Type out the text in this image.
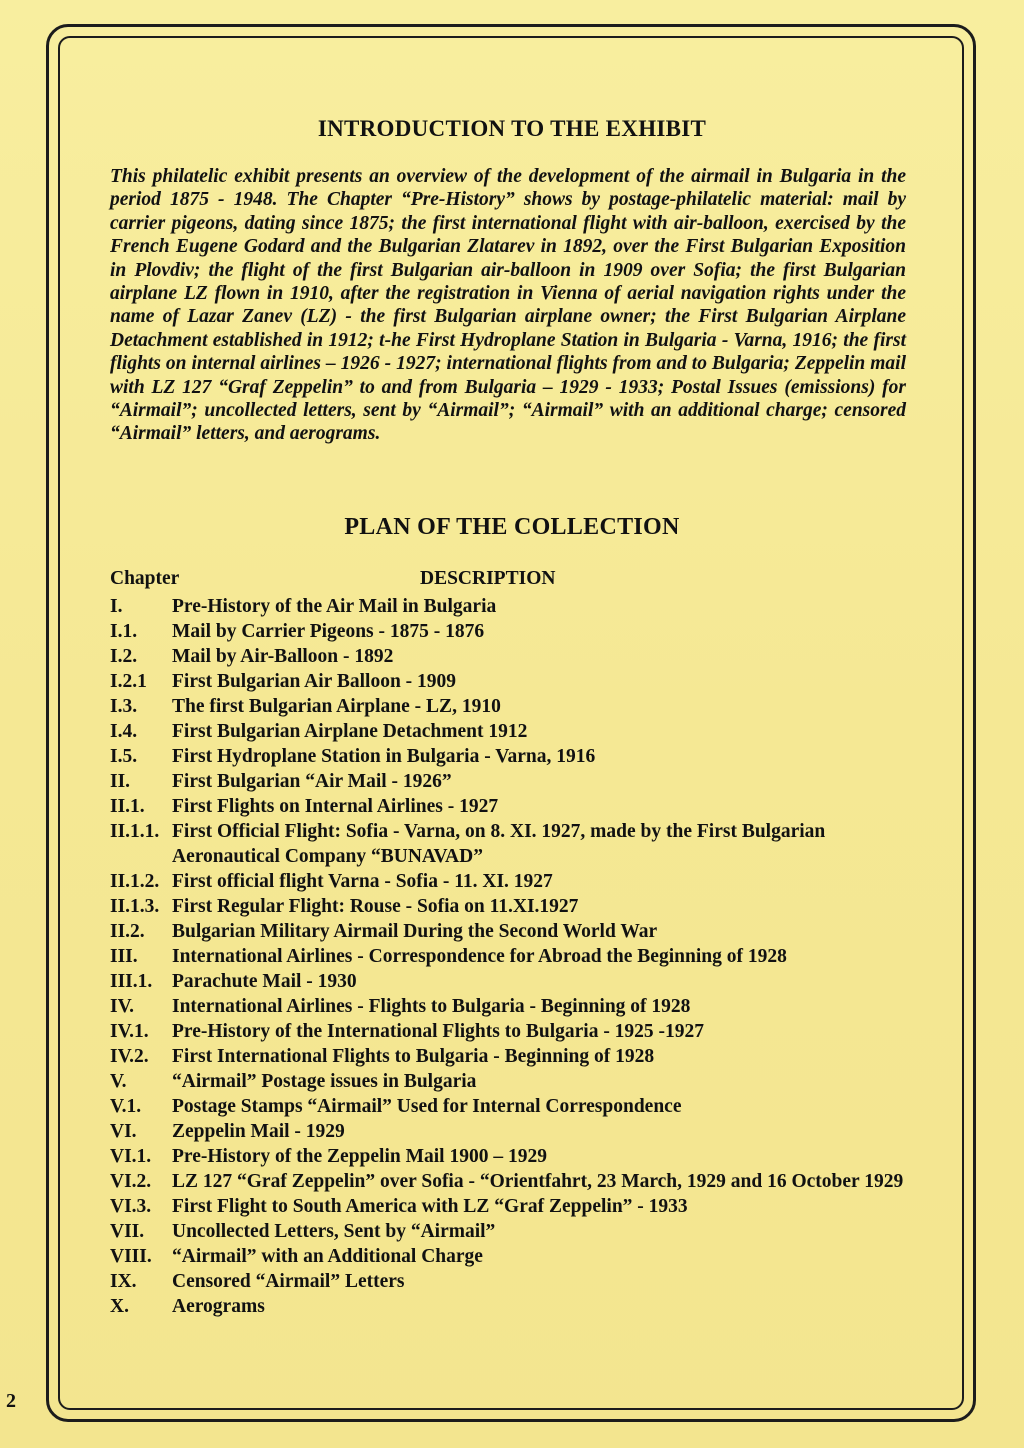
INTRODUCTION TO THE EXHIBIT
This philatelic exhibit presents an overview of the development of the airmail in Bulgaria in the period 1875 - 1948. The Chapter “Pre-History” shows by postage-philatelic material: mail by carrier pigeons, dating since 1875; the first international flight with air-balloon, exercised by the French Eugene Godard and the Bulgarian Zlatarev in 1892, over the First Bulgarian Exposition in Plovdiv; the flight of the first Bulgarian air-balloon in 1909 over Sofia; the first Bulgarian airplane LZ flown in 1910, after the registration in Vienna of aerial navigation rights under the name of Lazar Zanev (LZ) - the first Bulgarian airplane owner; the First Bulgarian Airplane Detachment established in 1912; t-he First Hydroplane Station in Bulgaria - Varna, 1916; the first flights on internal airlines – 1926 - 1927; international flights from and to Bulgaria; Zeppelin mail with LZ 127 “Graf Zeppelin” to and from Bulgaria – 1929 - 1933; Postal Issues (emissions) for “Airmail”; uncollected letters, sent by “Airmail”; “Airmail” with an additional charge; censored “Airmail” letters, and aerograms.
PLAN OF THE COLLECTION
Chapter	DESCRIPTION
I.	Pre-History of the Air Mail in Bulgaria
I.1.	Mail by Carrier Pigeons - 1875 - 1876
I.2.	Mail by Air-Balloon - 1892
I.2.1	First Bulgarian Air Balloon - 1909
I.3.	The first Bulgarian Airplane - LZ, 1910
I.4.	First Bulgarian Airplane Detachment 1912
I.5.	First Hydroplane Station in Bulgaria - Varna, 1916
II.	First Bulgarian “Air Mail - 1926”
II.1.	First Flights on Internal Airlines - 1927
II.1.1. First Official Flight: Sofia - Varna, on 8. XI. 1927, made by the First Bulgarian Aeronautical Company “BUNAVAD”
II.1.2. First official flight Varna - Sofia - 11. XI. 1927
II.1.3. First Regular Flight: Rouse - Sofia on 11.XI.1927
II.2.	Bulgarian Military Airmail During the Second World War
III.	International Airlines - Correspondence for Abroad the Beginning of 1928
III.1.	Parachute Mail - 1930
IV.	International Airlines - Flights to Bulgaria - Beginning of 1928
IV.1.	Pre-History of the International Flights to Bulgaria - 1925 -1927
IV.2.	First International Flights to Bulgaria - Beginning of 1928
V.	“Airmail” Postage issues in Bulgaria
V.1.	Postage Stamps “Airmail” Used for Internal Correspondence
VI.	Zeppelin Mail - 1929
VI.1.	Pre-History of the Zeppelin Mail 1900 – 1929
VI.2.	LZ 127 “Graf Zeppelin” over Sofia - “Orientfahrt, 23 March, 1929 and 16 October 1929
VI.3.	First Flight to South America with LZ “Graf Zeppelin” - 1933
VII.	Uncollected Letters, Sent by “Airmail”
VIII.	“Airmail” with an Additional Charge
IX.	Censored “Airmail” Letters
X.	Aerograms
2
